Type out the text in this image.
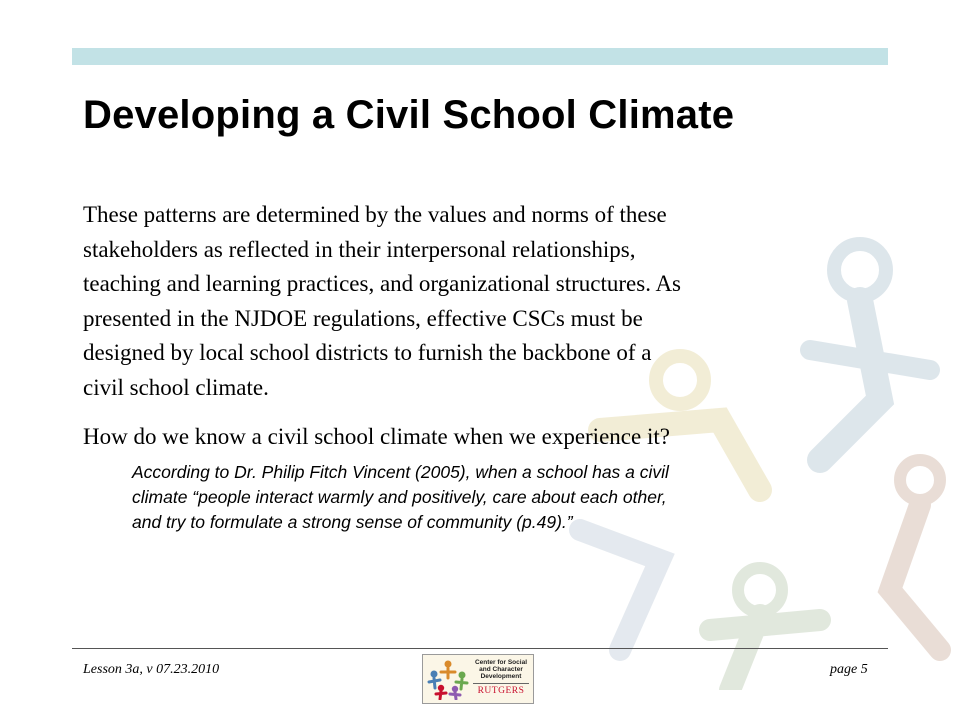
Developing a Civil School Climate

These patterns are determined by the values and norms of these
stakeholders as reflected in their interpersonal relationships,
teaching and learning practices, and organizational structures. As
presented in the NJDOE regulations, effective CSCs must be
designed by local school districts to furnish the backbone of a
civil school climate.

How do we know a civil school climate when we experience it?

According to Dr. Philip Fitch Vincent (2005), when a school has a civil
climate “people interact warmly and positively, care about each other,
and try to formulate a strong sense of community (p.49).”

Lesson 3a, v 07.23.2010	page 5
Center for Social
and Character
Development
RUTGERS
